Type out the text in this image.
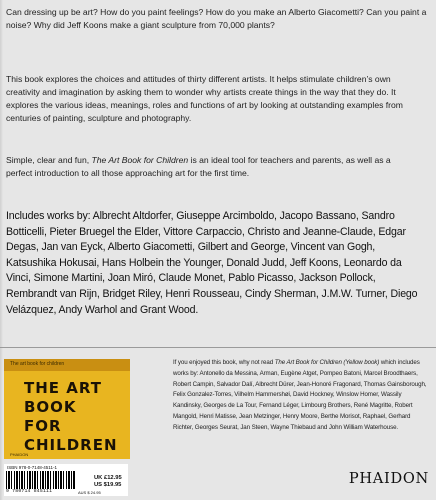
Can dressing up be art? How do you paint feelings? How do you make an Alberto Giacometti? Can you paint a noise? Why did Jeff Koons make a giant sculpture from 70,000 plants?

This book explores the choices and attitudes of thirty different artists. It helps stimulate children’s own creativity and imagination by asking them to wonder why artists create things in the way that they do. It explores the various ideas, meanings, roles and functions of art by looking at outstanding examples from centuries of painting, sculpture and photography.

Simple, clear and fun, The Art Book for Children is an ideal tool for teachers and parents, as well as a perfect introduction to all those approaching art for the first time.

Includes works by: Albrecht Altdorfer, Giuseppe Arcimboldo, Jacopo Bassano, Sandro Botticelli, Pieter Bruegel the Elder, Vittore Carpaccio, Christo and Jeanne-Claude, Edgar Degas, Jan van Eyck, Alberto Giacometti, Gilbert and George, Vincent van Gogh, Katsushika Hokusai, Hans Holbein the Younger, Donald Judd, Jeff Koons, Leonardo da Vinci, Simone Martini, Joan Miró, Claude Monet, Pablo Picasso, Jackson Pollock, Rembrandt van Rijn, Bridget Riley, Henri Rousseau, Cindy Sherman, J.M.W. Turner, Diego Velázquez, Andy Warhol and Grant Wood.

The art book for children
THE ART BOOK FOR CHILDREN
PHAIDON

If you enjoyed this book, why not read The Art Book for Children (Yellow book) which includes works by: Antonello da Messina, Arman, Eugène Atget, Pompeo Batoni, Marcel Broodthaers, Robert Campin, Salvador Dalí, Albrecht Dürer, Jean-Honoré Fragonard, Thomas Gainsborough, Felix Gonzalez-Torres, Vilhelm Hammershøi, David Hockney, Winslow Homer, Wassily Kandinsky, Georges de La Tour, Fernand Léger, Limbourg Brothers, René Magritte, Robert Mangold, Henri Matisse, Jean Metzinger, Henry Moore, Berthe Morisot, Raphael, Gerhard Richter, Georges Seurat, Jan Steen, Wayne Thiebaud and John William Waterhouse.

ISBN 978-0-7148-4511-1
9 780714 845111
UK £12.95
US $19.95
AUS $ 24.95
PHAIDON
